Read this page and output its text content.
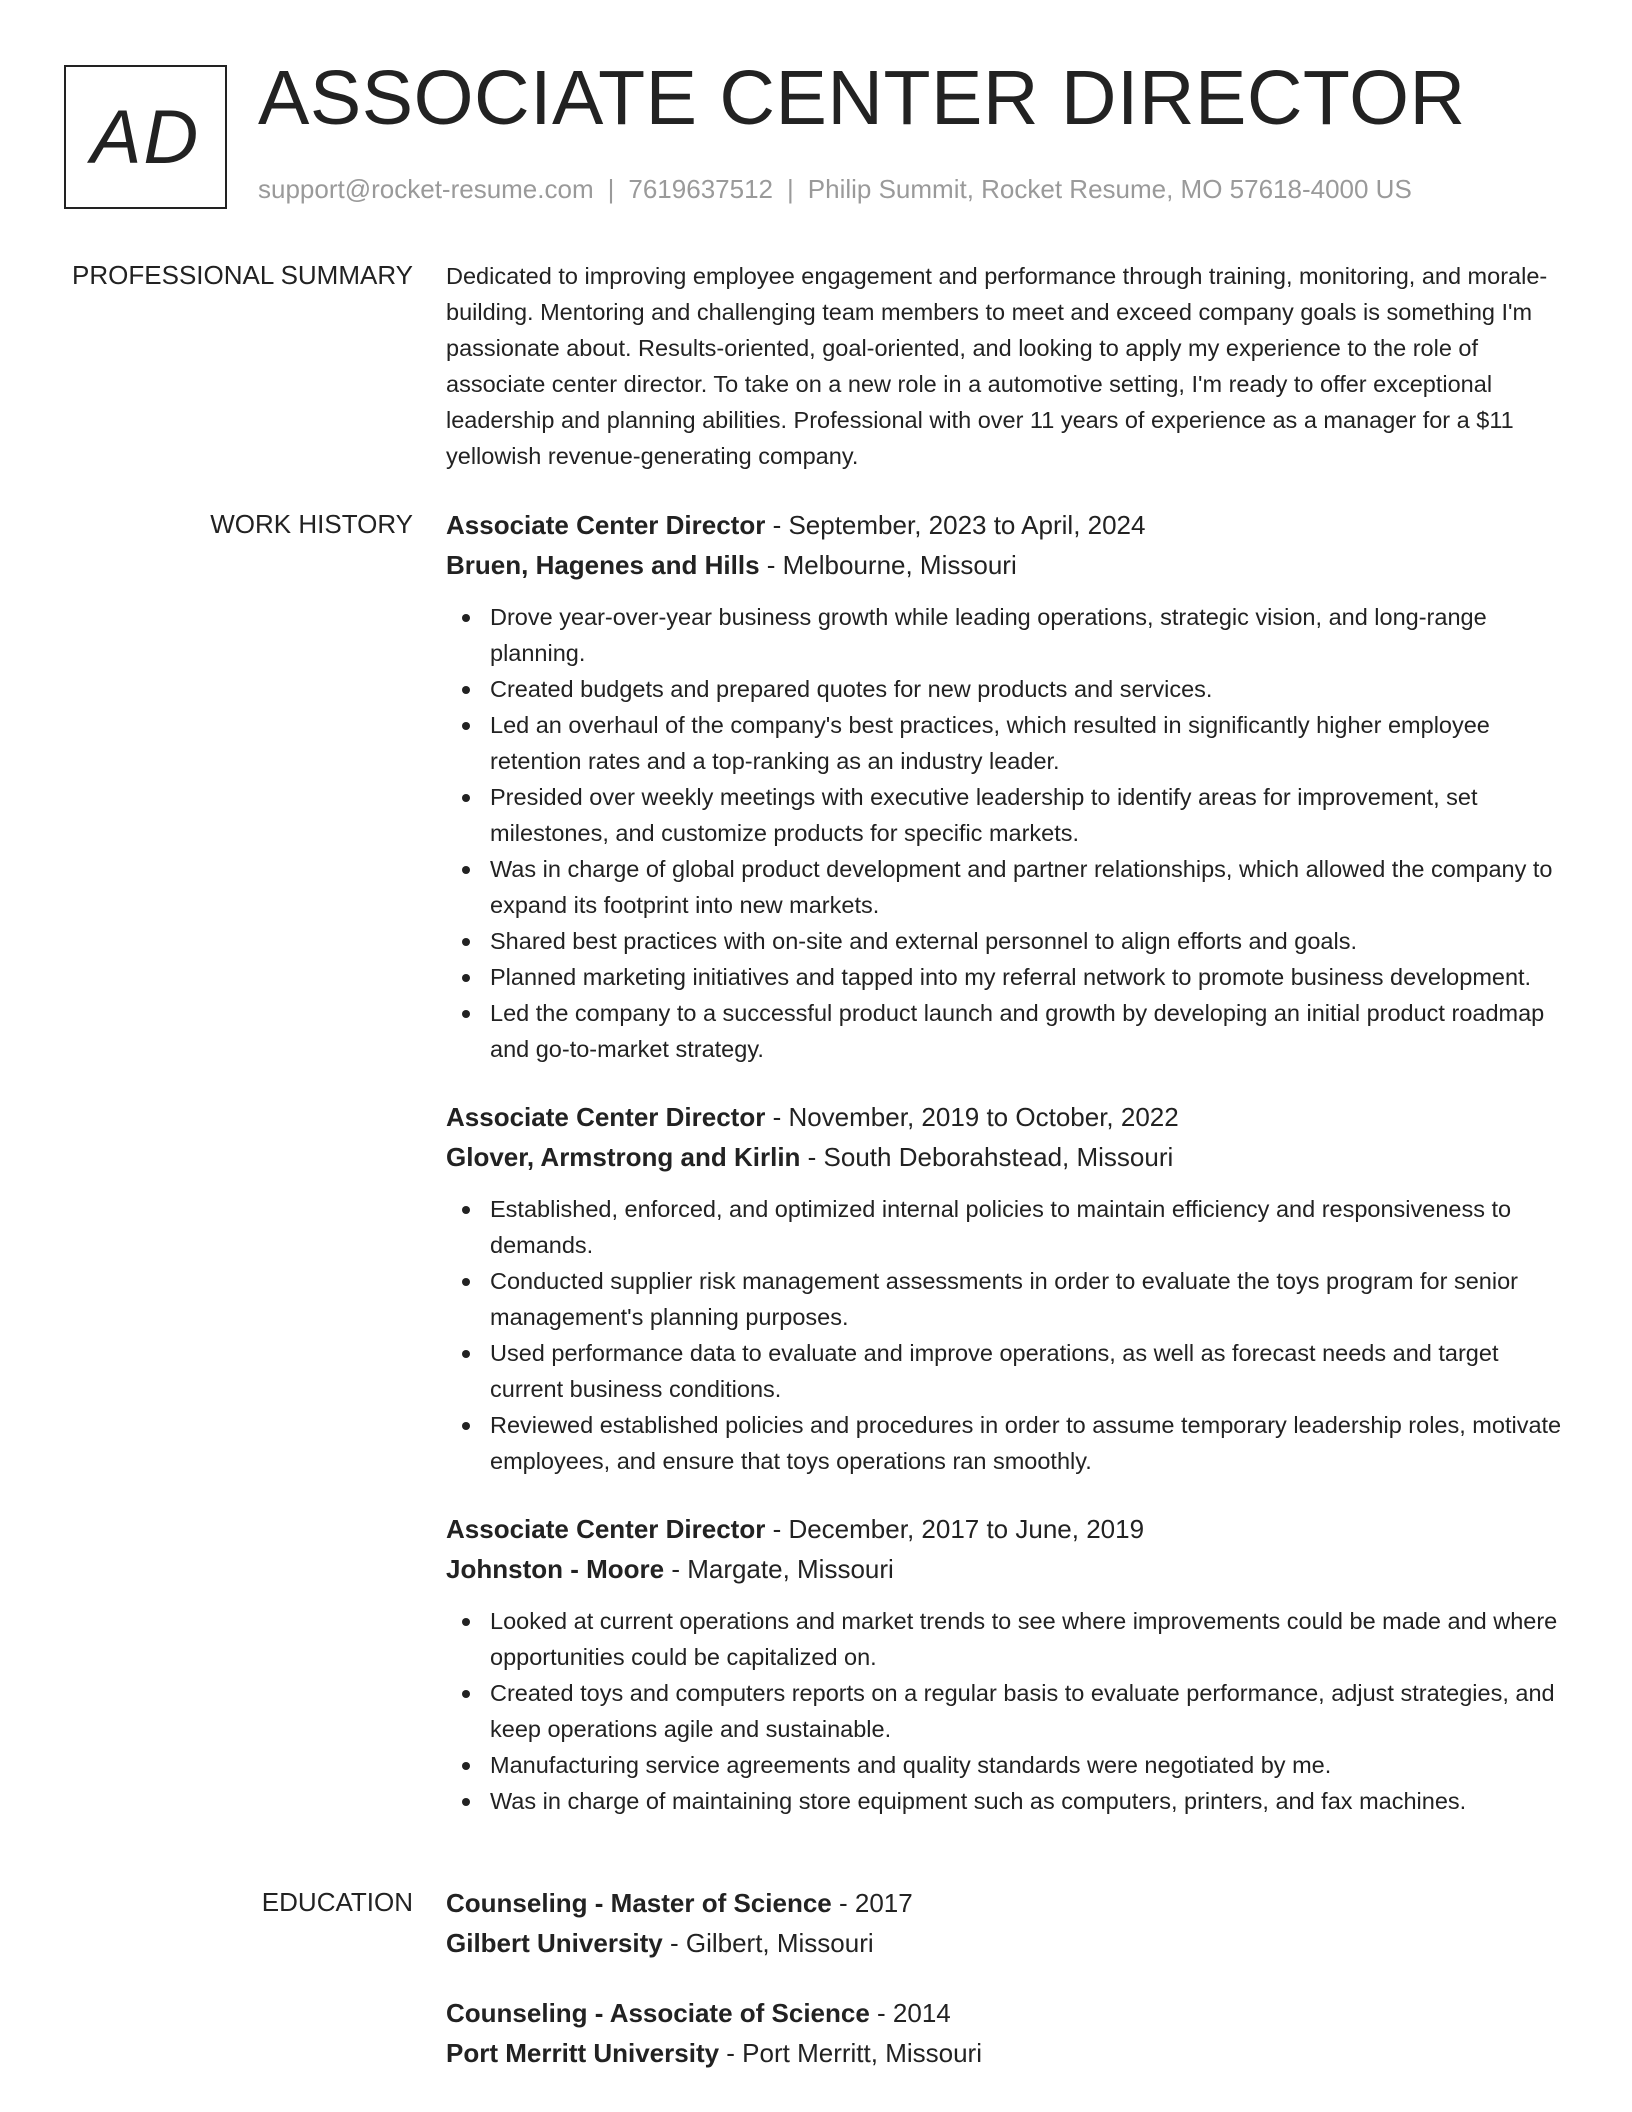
AD ASSOCIATE CENTER DIRECTOR
support@rocket-resume.com | 7619637512 | Philip Summit, Rocket Resume, MO 57618-4000 US
PROFESSIONAL SUMMARY Dedicated to improving employee engagement and performance through training, monitoring, and morale-building. Mentoring and challenging team members to meet and exceed company goals is something I'm passionate about. Results-oriented, goal-oriented, and looking to apply my experience to the role of associate center director. To take on a new role in a automotive setting, I'm ready to offer exceptional leadership and planning abilities. Professional with over 11 years of experience as a manager for a $11 yellowish revenue-generating company.

WORK HISTORY Associate Center Director - September, 2023 to April, 2024
Bruen, Hagenes and Hills - Melbourne, Missouri
Drove year-over-year business growth while leading operations, strategic vision, and long-range planning.
Created budgets and prepared quotes for new products and services.
Led an overhaul of the company's best practices, which resulted in significantly higher employee retention rates and a top-ranking as an industry leader.
Presided over weekly meetings with executive leadership to identify areas for improvement, set milestones, and customize products for specific markets.
Was in charge of global product development and partner relationships, which allowed the company to expand its footprint into new markets.
Shared best practices with on-site and external personnel to align efforts and goals.
Planned marketing initiatives and tapped into my referral network to promote business development.
Led the company to a successful product launch and growth by developing an initial product roadmap and go-to-market strategy.
Associate Center Director - November, 2019 to October, 2022
Glover, Armstrong and Kirlin - South Deborahstead, Missouri
Established, enforced, and optimized internal policies to maintain efficiency and responsiveness to demands.
Conducted supplier risk management assessments in order to evaluate the toys program for senior management's planning purposes.
Used performance data to evaluate and improve operations, as well as forecast needs and target current business conditions.
Reviewed established policies and procedures in order to assume temporary leadership roles, motivate employees, and ensure that toys operations ran smoothly.
Associate Center Director - December, 2017 to June, 2019
Johnston - Moore - Margate, Missouri
Looked at current operations and market trends to see where improvements could be made and where opportunities could be capitalized on.
Created toys and computers reports on a regular basis to evaluate performance, adjust strategies, and keep operations agile and sustainable.
Manufacturing service agreements and quality standards were negotiated by me.
Was in charge of maintaining store equipment such as computers, printers, and fax machines.
EDUCATION Counseling - Master of Science - 2017
Gilbert University - Gilbert, Missouri
Counseling - Associate of Science - 2014
Port Merritt University - Port Merritt, Missouri
